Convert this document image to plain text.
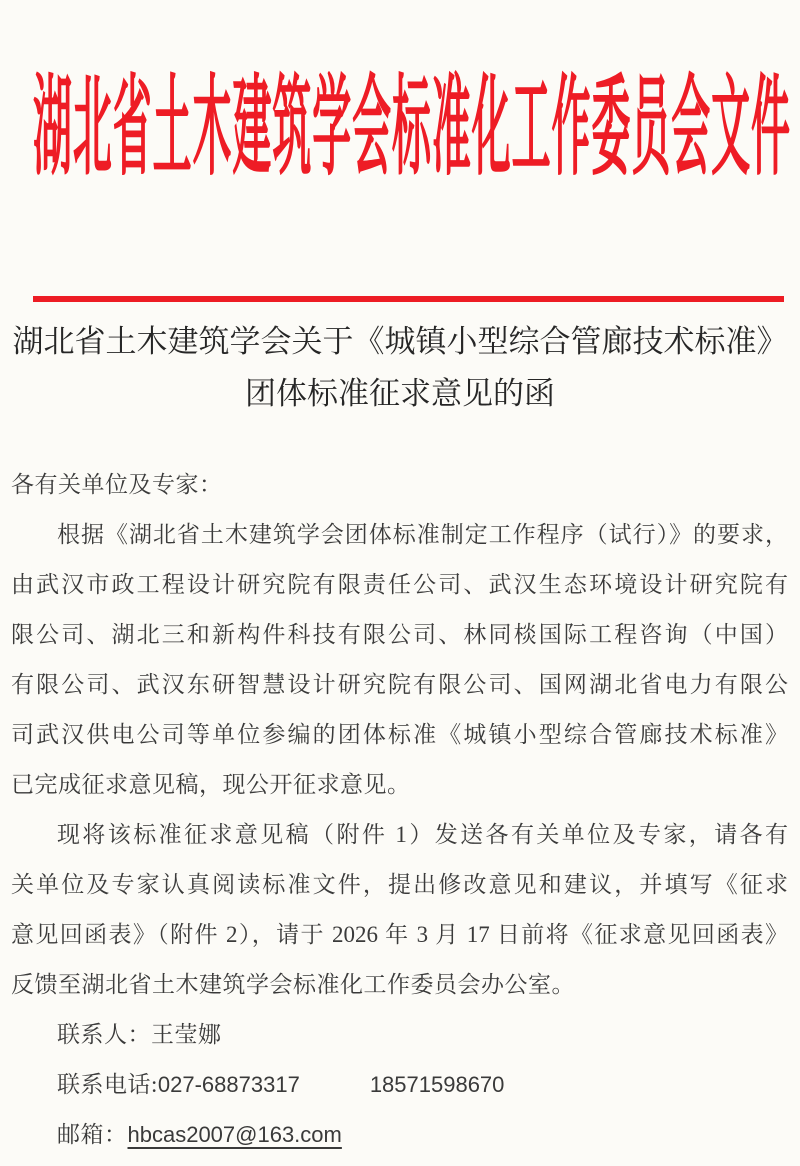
湖北省土木建筑学会标准化工作委员会文件
湖北省土木建筑学会关于《城镇小型综合管廊技术标准》
团体标准征求意见的函
各有关单位及专家：
根据《湖北省土木建筑学会团体标准制定工作程序（试行）》的要求，
由武汉市政工程设计研究院有限责任公司、武汉生态环境设计研究院有
限公司、湖北三和新构件科技有限公司、林同棪国际工程咨询（中国）
有限公司、武汉东研智慧设计研究院有限公司、国网湖北省电力有限公
司武汉供电公司等单位参编的团体标准《城镇小型综合管廊技术标准》
已完成征求意见稿，现公开征求意见。
现将该标准征求意见稿（附件 1）发送各有关单位及专家，请各有
关单位及专家认真阅读标准文件，提出修改意见和建议，并填写《征求
意见回函表》（附件 2），请于 2026 年 3 月 17 日前将《征求意见回函表》
反馈至湖北省土木建筑学会标准化工作委员会办公室。
联系人：王莹娜
联系电话:027-68873317	18571598670
邮箱：hbcas2007@163.com
